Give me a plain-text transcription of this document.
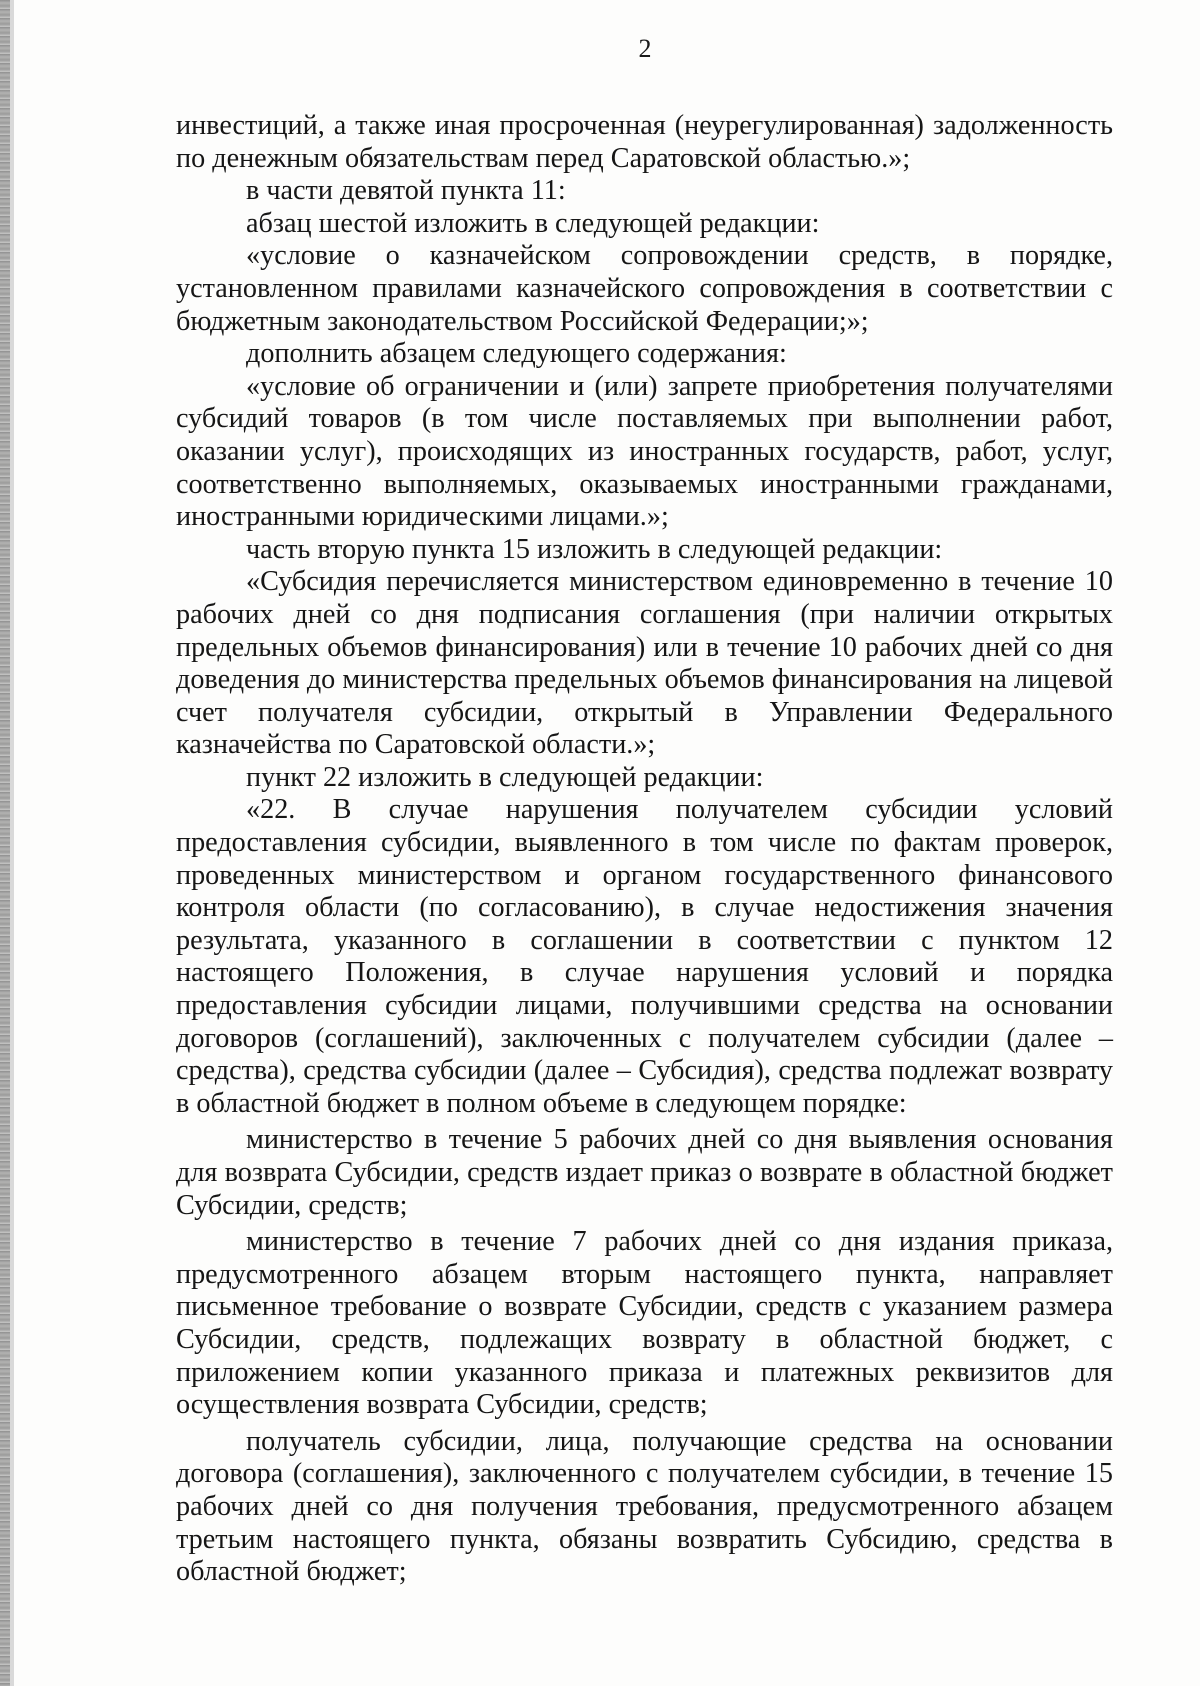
2

инвестиций, а также иная просроченная (неурегулированная) задолженность по денежным обязательствам перед Саратовской областью.»;

в части девятой пункта 11:

абзац шестой изложить в следующей редакции:

«условие о казначейском сопровождении средств, в порядке, установленном правилами казначейского сопровождения в соответствии с бюджетным законодательством Российской Федерации;»;

дополнить абзацем следующего содержания:

«условие об ограничении и (или) запрете приобретения получателями субсидий товаров (в том числе поставляемых при выполнении работ, оказании услуг), происходящих из иностранных государств, работ, услуг, соответственно выполняемых, оказываемых иностранными гражданами, иностранными юридическими лицами.»;

часть вторую пункта 15 изложить в следующей редакции:

«Субсидия перечисляется министерством единовременно в течение 10 рабочих дней со дня подписания соглашения (при наличии открытых предельных объемов финансирования) или в течение 10 рабочих дней со дня доведения до министерства предельных объемов финансирования на лицевой счет получателя субсидии, открытый в Управлении Федерального казначейства по Саратовской области.»;

пункт 22 изложить в следующей редакции:

«22. В случае нарушения получателем субсидии условий предоставления субсидии, выявленного в том числе по фактам проверок, проведенных министерством и органом государственного финансового контроля области (по согласованию), в случае недостижения значения результата, указанного в соглашении в соответствии с пунктом 12 настоящего Положения, в случае нарушения условий и порядка предоставления субсидии лицами, получившими средства на основании договоров (соглашений), заключенных с получателем субсидии (далее – средства), средства субсидии (далее – Субсидия), средства подлежат возврату в областной бюджет в полном объеме в следующем порядке:

министерство в течение 5 рабочих дней со дня выявления основания для возврата Субсидии, средств издает приказ о возврате в областной бюджет Субсидии, средств;

министерство в течение 7 рабочих дней со дня издания приказа, предусмотренного абзацем вторым настоящего пункта, направляет письменное требование о возврате Субсидии, средств с указанием размера Субсидии, средств, подлежащих возврату в областной бюджет, с приложением копии указанного приказа и платежных реквизитов для осуществления возврата Субсидии, средств;

получатель субсидии, лица, получающие средства на основании договора (соглашения), заключенного с получателем субсидии, в течение 15 рабочих дней со дня получения требования, предусмотренного абзацем третьим настоящего пункта, обязаны возвратить Субсидию, средства в областной бюджет;
